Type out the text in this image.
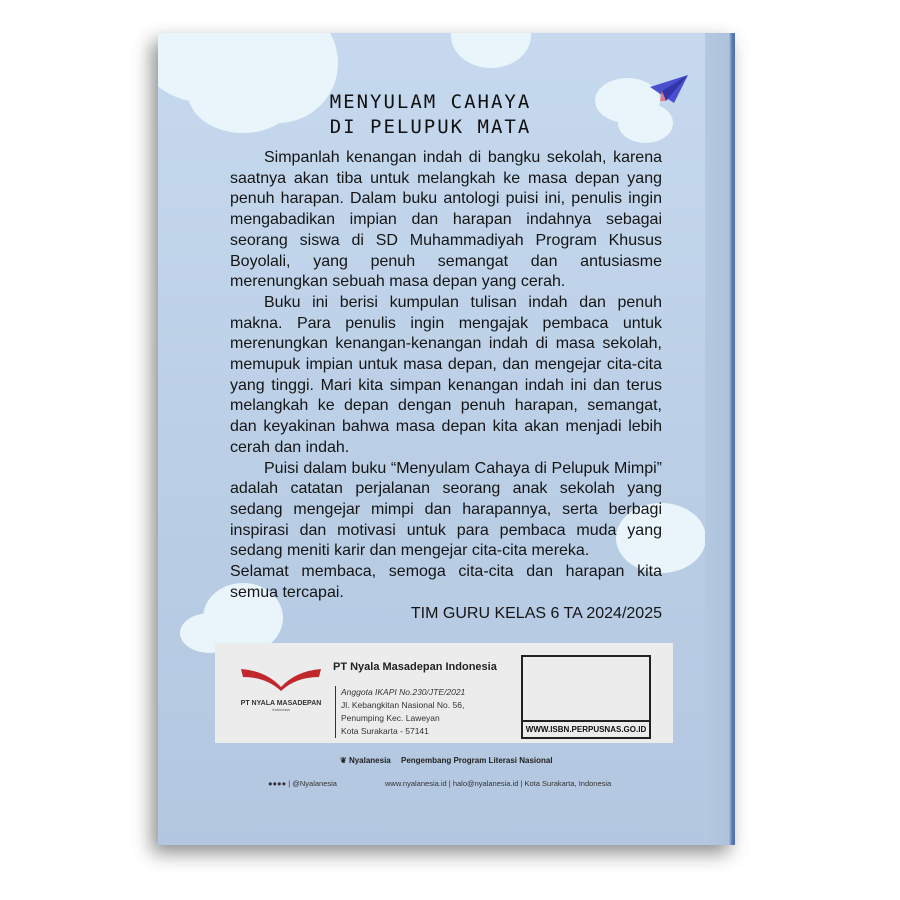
MENYULAM CAHAYA
DI PELUPUK MATA

Simpanlah kenangan indah di bangku sekolah, karena saatnya akan tiba untuk melangkah ke masa depan yang penuh harapan. Dalam buku antologi puisi ini, penulis ingin mengabadikan impian dan harapan indahnya sebagai seorang siswa di SD Muhammadiyah Program Khusus Boyolali, yang penuh semangat dan antusiasme merenungkan sebuah masa depan yang cerah.

Buku ini berisi kumpulan tulisan indah dan penuh makna. Para penulis ingin mengajak pembaca untuk merenungkan kenangan-kenangan indah di masa sekolah, memupuk impian untuk masa depan, dan mengejar cita-cita yang tinggi. Mari kita simpan kenangan indah ini dan terus melangkah ke depan dengan penuh harapan, semangat, dan keyakinan bahwa masa depan kita akan menjadi lebih cerah dan indah.

Puisi dalam buku “Menyulam Cahaya di Pelupuk Mimpi” adalah catatan perjalanan seorang anak sekolah yang sedang mengejar mimpi dan harapannya, serta berbagi inspirasi dan motivasi untuk para pembaca muda yang sedang meniti karir dan mengejar cita-cita mereka.

Selamat membaca, semoga cita-cita dan harapan kita semua tercapai.

TIM GURU KELAS 6 TA 2024/2025
PT NYALA MASADEPAN
Indonesia
PT Nyala Masadepan Indonesia
Anggota IKAPI No.230/JTE/2021
Jl. Kebangkitan Nasional No. 56,
Penumping Kec. Laweyan
Kota Surakarta - 57141	WWW.ISBN.PERPUSNAS.GO.ID
❦ Nyalanesia Pengembang Program Literasi Nasional
●●●● | @Nyalanesia	www.nyalanesia.id | halo@nyalanesia.id | Kota Surakarta, Indonesia
